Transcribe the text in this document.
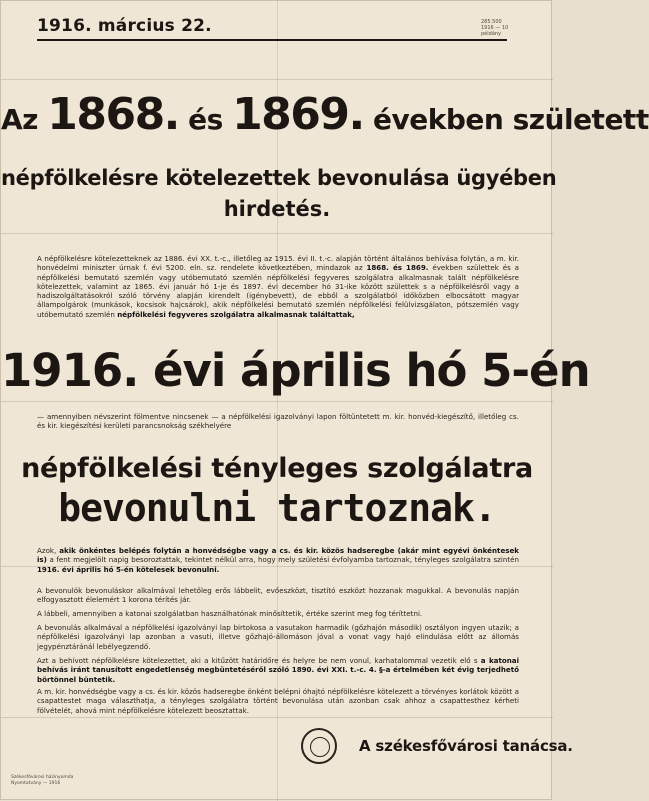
1916. március 22.	285.500
1916 — 10
példány
Az 1868. és 1869. években született
népfölkelésre kötelezettek bevonulása ügyében
hirdetés.
A népfölkelésre kötelezetteknek az 1886. évi XX. t.-c., illetőleg az 1915. évi II. t.-c. alapján történt általános behívása folytán, a m. kir. honvédelmi miniszter úrnak f. évi 5200. eln. sz. rendelete következtében, mindazok az 1868. és 1869. években születtek és a népfölkelési bemutató szemlén vagy utóbemutató szemlén népfölkelési fegyveres szolgálatra alkalmasnak talált népfölkelésre kötelezettek, valamint az 1865. évi január hó 1-je és 1897. évi december hó 31-ike között születtek s a népfölkelésről vagy a hadiszolgáltatásokról szóló törvény alapján kirendelt (igénybevett), de ebből a szolgálatból időközben elbocsátott magyar állampolgárok (munkások, kocsisok hajcsárok), akik népfölkelési bemutató szemlén népfölkelési felülvizsgálaton, pótszemlén vagy utóbemutató szemlén népfölkelési fegyveres szolgálatra alkalmasnak találtattak,
1916. évi április hó 5-én
— amennyiben névszerint fölmentve nincsenek — a népfölkelési igazolványi lapon föltüntetett m. kir. honvéd-kiegészítő, illetőleg cs. és kir. kiegészítési kerületi parancsnokság székhelyére
népfölkelési tényleges szolgálatra
bevonulni tartoznak.
Azok, akik önkéntes belépés folytán a honvédségbe vagy a cs. és kir. közös hadseregbe (akár mint egyévi önkéntesek is) a fent megjelölt napig besoroztattak, tekintet nélkül arra, hogy mely születési évfolyamba tartoznak, tényleges szolgálatra szintén 1916. évi április hó 5-én kötelesek bevonulni.
A bevonulók bevonuláskor alkalmával lehetőleg erős lábbelit, evőeszközt, tisztító eszközt hozzanak magukkal. A bevonulás napján elfogyasztott élelemért 1 korona térítés jár.
A lábbeli, amennyiben a katonai szolgálatban használhatónak minősíttetik, értéke szerint meg fog téríttetni.
A bevonulás alkalmával a népfölkelési igazolványi lap birtokosa a vasutakon harmadik (gőzhajón második) osztályon ingyen utazik; a népfölkelési igazolványi lap azonban a vasuti, illetve gőzhajó-állomáson jóval a vonat vagy hajó elindulása előtt az állomás jegypénztáránál lebélyegzendő.
Azt a behívott népfölkelésre kötelezettet, aki a kitűzött határidőre és helyre be nem vonul, karhatalommal vezetik elő s a katonai behívás iránt tanusított engedetlenség megbüntetéséről szóló 1890. évi XXI. t.-c. 4. §-a értelmében két évig terjedhető börtönnel büntetik.
A m. kir. honvédségbe vagy a cs. és kir. közös hadseregbe önként belépni óhajtó népfölkelésre kötelezett a törvényes korlátok között a csapattestet maga választhatja, a tényleges szolgálatra történt bevonulása után azonban csak ahhoz a csapattesthez kérheti fölvételét, ahová mint népfölkelésre kötelezett beosztattak.
A székesfővárosi tanácsa.
Székesfővárosi házinyomda
Nyomtatvány — 1916
